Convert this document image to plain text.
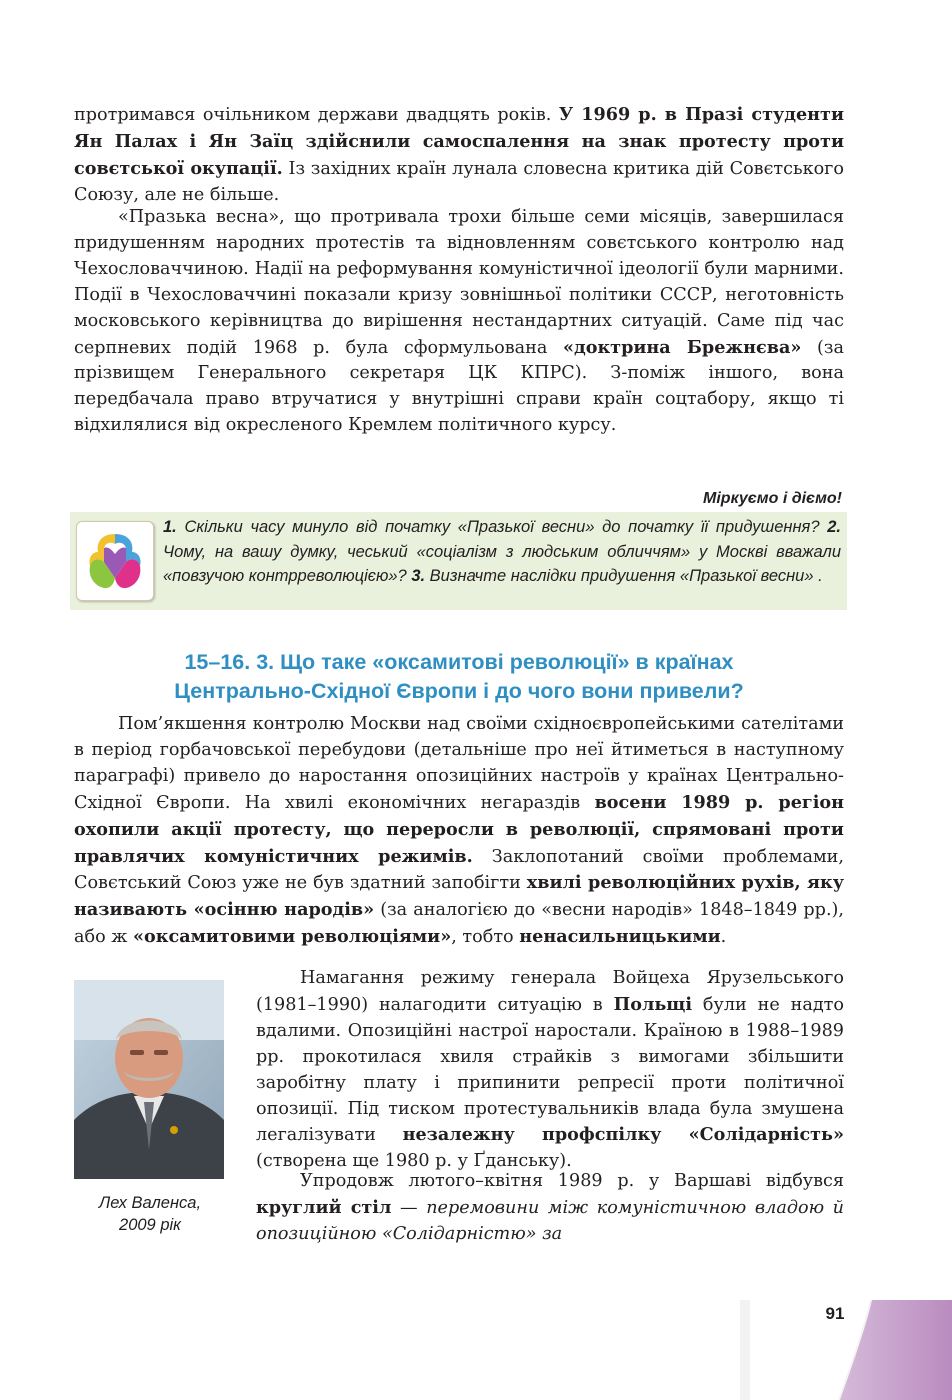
протримався очільником держави двадцять років. У 1969 р. в Празі студенти Ян Палах і Ян Заїц здійснили самоспалення на знак протесту проти совєтської окупації. Із західних країн лунала словесна критика дій Совєтського Союзу, але не більше.

«Празька весна», що протривала трохи більше семи місяців, завершилася придушенням народних протестів та відновленням совєтського контролю над Чехословаччиною. Надії на реформування комуністичної ідеології були марними. Події в Чехословаччині показали кризу зовнішньої політики СССР, неготовність московського керівництва до вирішення нестандартних ситуацій. Саме під час серпневих подій 1968 р. була сформульована «доктрина Брежнєва» (за прізвищем Генерального секретаря ЦК КПРС). З-поміж іншого, вона передбачала право втручатися у внутрішні справи країн соцтабору, якщо ті відхилялися від окресленого Кремлем політичного курсу.

Міркуємо і діємо!

1. Скільки часу минуло від початку «Празької весни» до початку її придушення? 2. Чому, на вашу думку, чеський «соціалізм з людським обличчям» у Москві вважали «повзучою контрреволюцією»? 3. Визначте наслідки придушення «Празької весни» .

15–16. 3. Що таке «оксамитові революції» в країнах
Центрально-Східної Європи і до чого вони привели?

Пом’якшення контролю Москви над своїми східноєвропейськими сателітами в період горбачовської перебудови (детальніше про неї йтиметься в наступному параграфі) привело до наростання опозиційних настроїв у країнах Центрально-Східної Європи. На хвилі економічних негараздів восени 1989 р. регіон охопили акції протесту, що переросли в революції, спрямовані проти правлячих комуністичних режимів. Заклопотаний своїми проблемами, Совєтський Союз уже не був здатний запобігти хвилі революційних рухів, яку називають «осінню народів» (за аналогією до «весни народів» 1848–1849 рр.), або ж «оксамитовими революціями», тобто ненасильницькими.

Лех Валенса,
2009 рік

Намагання режиму генерала Войцеха Ярузельського (1981–1990) налагодити ситуацію в Польщі були не надто вдалими. Опозиційні настрої наростали. Країною в 1988–1989 рр. прокотилася хвиля страйків з вимогами збільшити заробітну плату і припинити репресії проти політичної опозиції. Під тиском протестувальників влада була змушена легалізувати незалежну профспілку «Солідарність» (створена ще 1980 р. у Ґданську).

Упродовж лютого–квітня 1989 р. у Варшаві відбувся круглий стіл — перемовини між комуністичною владою й опозиційною «Солідарністю» за

91
